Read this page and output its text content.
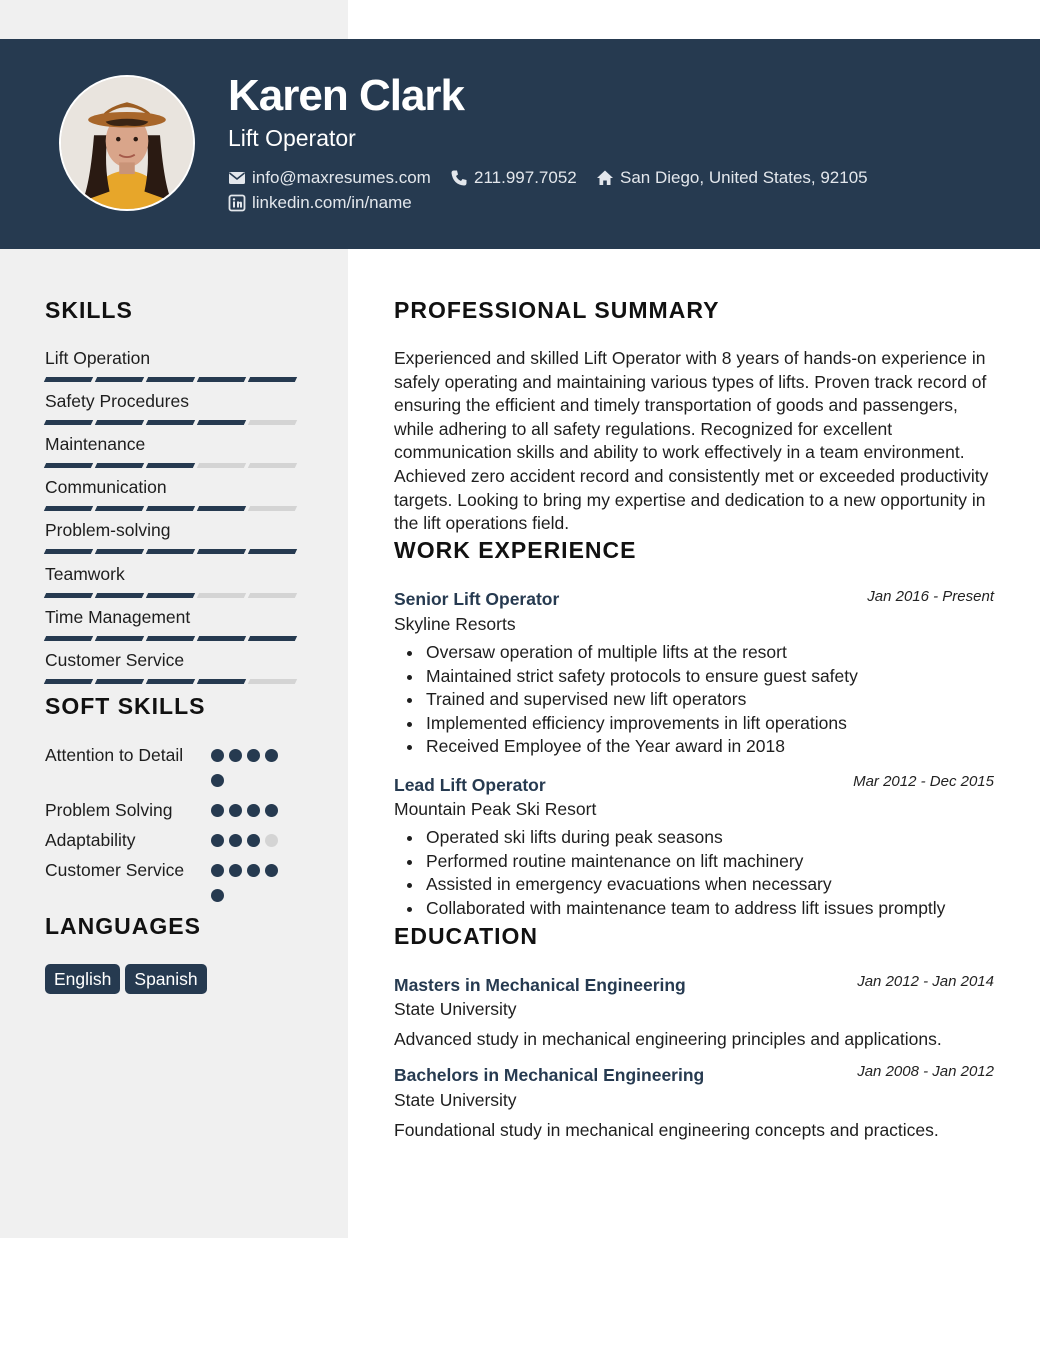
Karen Clark
Lift Operator
info@maxresumes.com	211.997.7052	San Diego, United States, 92105
linkedin.com/in/name
SKILLS
Lift Operation
Safety Procedures
Maintenance
Communication
Problem-solving
Teamwork
Time Management
Customer Service
SOFT SKILLS
Attention to Detail
Problem Solving
Adaptability
Customer Service
LANGUAGES
English	Spanish
PROFESSIONAL SUMMARY
Experienced and skilled Lift Operator with 8 years of hands-on experience in safely operating and maintaining various types of lifts. Proven track record of ensuring the efficient and timely transportation of goods and passengers, while adhering to all safety regulations. Recognized for excellent communication skills and ability to work effectively in a team environment. Achieved zero accident record and consistently met or exceeded productivity targets. Looking to bring my expertise and dedication to a new opportunity in the lift operations field.
WORK EXPERIENCE
Senior Lift Operator	Jan 2016 - Present
Skyline Resorts
Oversaw operation of multiple lifts at the resort
Maintained strict safety protocols to ensure guest safety
Trained and supervised new lift operators
Implemented efficiency improvements in lift operations
Received Employee of the Year award in 2018
Lead Lift Operator	Mar 2012 - Dec 2015
Mountain Peak Ski Resort
Operated ski lifts during peak seasons
Performed routine maintenance on lift machinery
Assisted in emergency evacuations when necessary
Collaborated with maintenance team to address lift issues promptly
EDUCATION
Masters in Mechanical Engineering	Jan 2012 - Jan 2014
State University
Advanced study in mechanical engineering principles and applications.
Bachelors in Mechanical Engineering	Jan 2008 - Jan 2012
State University
Foundational study in mechanical engineering concepts and practices.
